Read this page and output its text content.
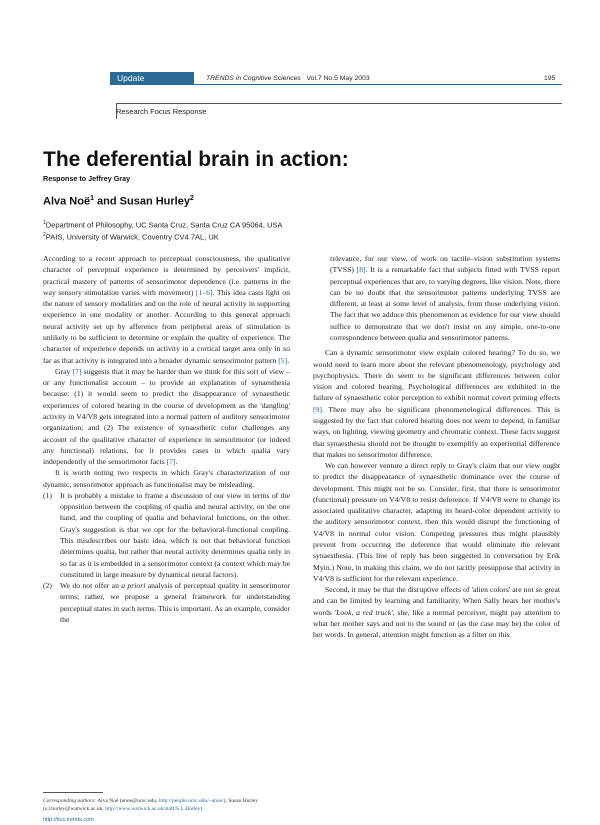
Update	TRENDS in Cognitive Sciences Vol.7 No.5 May 2003	195
Research Focus Response
The deferential brain in action:
Response to Jeffrey Gray
Alva Noë$^1$ and Susan Hurley$^2$
$^1$Department of Philosophy, UC Santa Cruz, Santa Cruz CA 95064, USA
$^2$PAIS, University of Warwick, Coventry CV4 7AL, UK

According to a recent approach to perceptual consciousness, the qualitative character of perceptual experience is determined by perceivers' implicit, practical mastery of patterns of sensorimotor dependence (i.e. patterns in the way sensory stimulation varies with movement) [1–6]. This idea casts light on the nature of sensory modalities and on the role of neural activity in supporting experience in one modality or another. According to this general approach neural activity set up by afference from peripheral areas of stimulation is unlikely to be sufficient to determine or explain the quality of experience. The character of experience depends on activity in a cortical target area only in so far as that activity is integrated into a broader dynamic sensorimotor pattern [5].

Gray [7] suggests that it may be harder than we think for this sort of view – or any functionalist account – to provide an explanation of synaesthesia because: (1) it would seem to predict the disappearance of synaesthetic experiences of colored hearing in the course of development as the 'dangling' activity in V4/V8 gets integrated into a normal pattern of auditory sensorimotor organization; and (2) The existence of synaesthetic color challenges any account of the qualitative character of experience in sensorimotor (or indeed any functional) relations, for it provides cases in which qualia vary independently of the sensorimotor facts [7].

It is worth noting two respects in which Gray's characterization of our dynamic, sensorimotor approach as functionalist may be misleading.

(1) It is probably a mistake to frame a discussion of our view in terms of the opposition between the coupling of qualia and neural activity, on the one hand, and the coupling of qualia and behavioral functions, on the other. Gray's suggestion is that we opt for the behavioral-functional coupling. This misdescribes our basic idea, which is not that behavioral function determines qualia, but rather that neural activity determines qualia only in so far as it is embedded in a sensorimotor context (a context which may be constituted in large measure by dynamical neural factors).
(2) We do not offer an a priori analysis of perceptual quality in sensorimotor terms; rather, we propose a general framework for understanding perceptual states in such terms. This is important. As an example, consider the
relevance, for our view, of work on tactile–vision substitution systems (TVSS) [8]. It is a remarkable fact that subjects fitted with TVSS report perceptual experiences that are, to varying degrees, like vision. Note, there can be no doubt that the sensorimotor patterns underlying TVSS are different, at least at some level of analysis, from those underlying vision. The fact that we adduce this phenomenon as evidence for our view should suffice to demonstrate that we don't insist on any simple, one-to-one correspondence between qualia and sensorimotor patterns.

Can a dynamic sensorimotor view explain colored hearing? To do so, we would need to learn more about the relevant phenomenology, psychology and psychophysics. There do seem to be significant differences between color vision and colored hearing. Psychological differences are exhibited in the failure of synaesthetic color perception to exhibit normal covert priming effects [9]. There may also be significant phenomenological differences. This is suggested by the fact that colored hearing does not seem to depend, in familiar ways, on lighting, viewing geometry and chromatic context. These facts suggest that synaesthesia should not be thought to exemplify an experiential difference that makes no sensorimotor difference.

We can however venture a direct reply to Gray's claim that our view ought to predict the disappearance of synaesthetic dominance over the course of development. This might not be so. Consider, first, that there is sensorimotor (functional) pressure on V4/V8 to resist deference. If V4/V8 were to change its associated qualitative character, adapting its heard-color dependent activity to the auditory sensorimotor context, then this would disrupt the functioning of V4/V8 in normal color vision. Competing pressures thus might plausibly prevent from occurring the deference that would eliminate the relevant synaesthesia. (This line of reply has been suggested in conversation by Erik Myin.) Note, in making this claim, we do not tacitly presuppose that activity in V4/V8 is sufficient for the relevant experience.

Second, it may be that the disruptive effects of 'alien colors' are not so great and can be limited by learning and familiarity. When Sally hears her mother's words 'Look, a red truck', she, like a normal perceiver, might pay attention to what her mother says and not to the sound or (as the case may be) the color of her words. In general, attention might function as a filter on this

Corresponding authors: Alva Noë (anoe@ucsc.edu, http://people.ucsc.edu/~anoe/), Susan Hurley (s.l.hurley@warwick.ac.uk, http://www.warwick.ac.uk/staff/S.L.Hurley).
http://tics.trends.com
